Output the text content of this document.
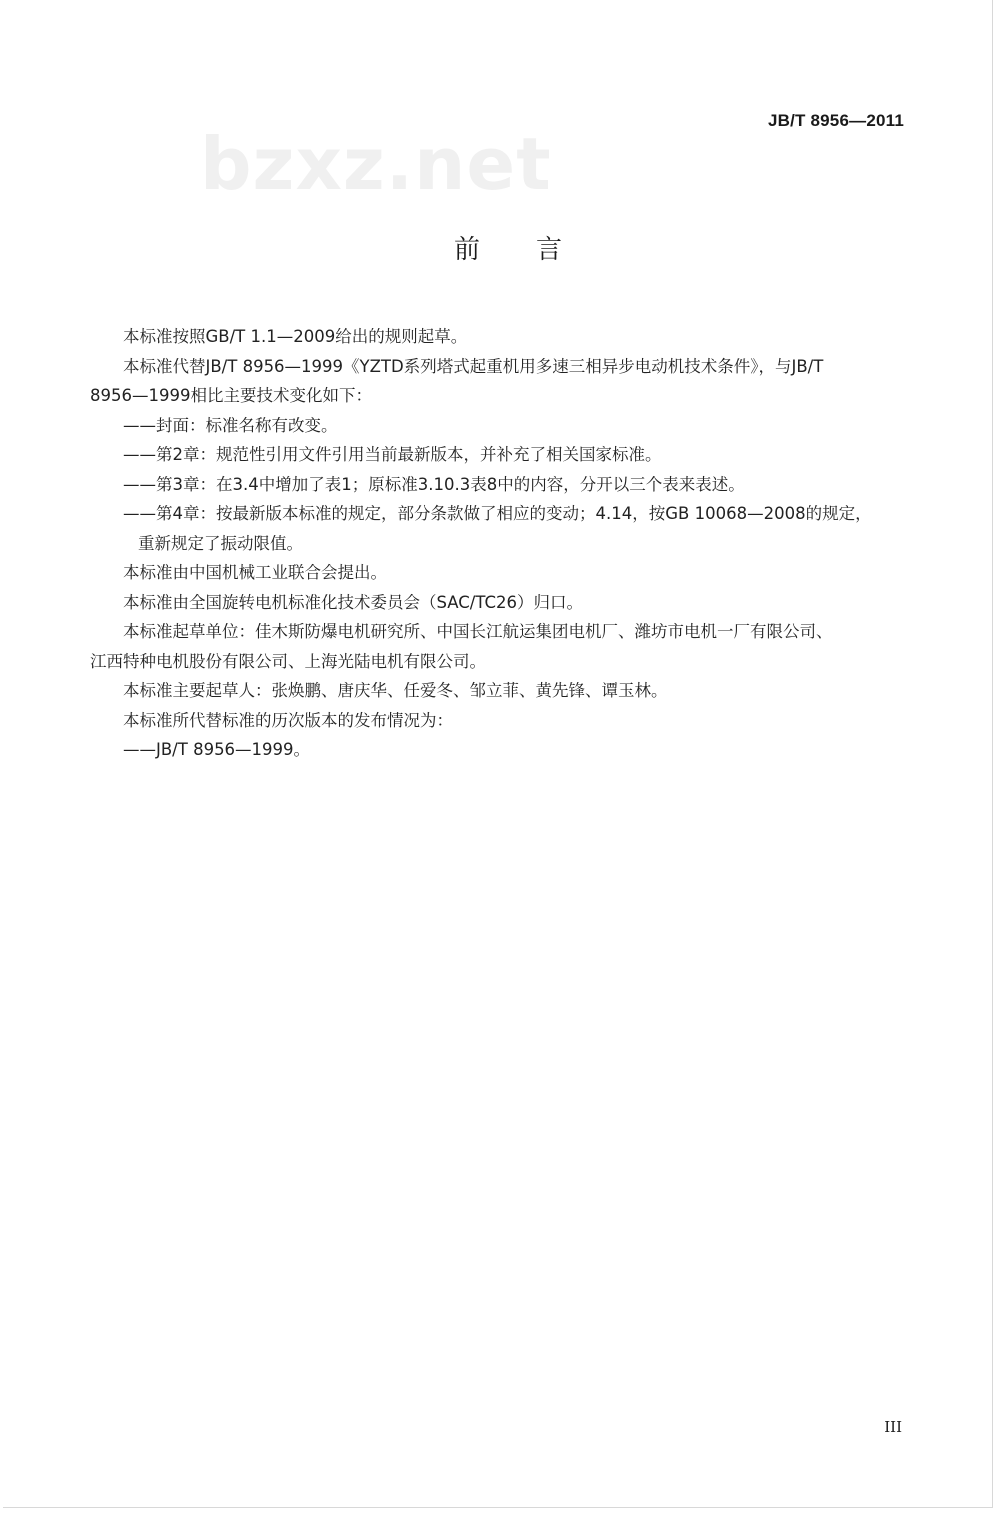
bzxz.net
JB/T 8956—2011
前言

本标准按照GB/T 1.1—2009给出的规则起草。

本标准代替JB/T 8956—1999《YZTD系列塔式起重机用多速三相异步电动机技术条件》，与JB/T

8956—1999相比主要技术变化如下：

——封面：标准名称有改变。

——第2章：规范性引用文件引用当前最新版本，并补充了相关国家标准。

——第3章：在3.4中增加了表1；原标准3.10.3表8中的内容，分开以三个表来表述。

——第4章：按最新版本标准的规定，部分条款做了相应的变动；4.14，按GB 10068—2008的规定，

重新规定了振动限值。

本标准由中国机械工业联合会提出。

本标准由全国旋转电机标准化技术委员会（SAC/TC26）归口。

本标准起草单位：佳木斯防爆电机研究所、中国长江航运集团电机厂、潍坊市电机一厂有限公司、

江西特种电机股份有限公司、上海光陆电机有限公司。

本标准主要起草人：张焕鹏、唐庆华、任爱冬、邹立菲、黄先锋、谭玉林。

本标准所代替标准的历次版本的发布情况为：

——JB/T 8956—1999。

III
